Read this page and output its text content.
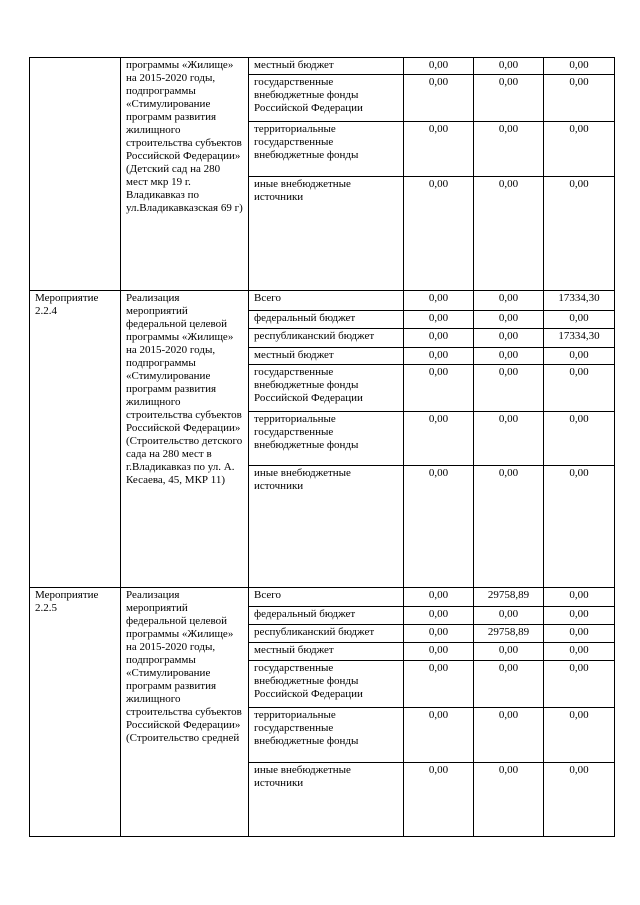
	программы «Жилище» на 2015-2020 годы, подпрограммы «Стимулирование программ развития жилищного строительства субъектов Российской Федерации» (Детский сад на 280 мест мкр 19 г. Владикавказ по ул.Владикавказская 69 г)	местный бюджет	0,00	0,00	0,00
		государственные внебюджетные фонды Российской Федерации	0,00	0,00	0,00
		территориальные государственные внебюджетные фонды	0,00	0,00	0,00
		иные внебюджетные источники	0,00	0,00	0,00
Мероприятие 2.2.4	Реализация мероприятий федеральной целевой программы «Жилище» на 2015-2020 годы, подпрограммы «Стимулирование программ развития жилищного строительства субъектов Российской Федерации» (Строительство детского сада на 280 мест в г.Владикавказ по ул. А. Кесаева, 45, МКР 11)	Всего	0,00	0,00	17334,30
		федеральный бюджет	0,00	0,00	0,00
		республиканский бюджет	0,00	0,00	17334,30
		местный бюджет	0,00	0,00	0,00
		государственные внебюджетные фонды Российской Федерации	0,00	0,00	0,00
		территориальные государственные внебюджетные фонды	0,00	0,00	0,00
		иные внебюджетные источники	0,00	0,00	0,00
Мероприятие 2.2.5	Реализация мероприятий федеральной целевой программы «Жилище» на 2015-2020 годы, подпрограммы «Стимулирование программ развития жилищного строительства субъектов Российской Федерации» (Строительство средней	Всего	0,00	29758,89	0,00
		федеральный бюджет	0,00	0,00	0,00
		республиканский бюджет	0,00	29758,89	0,00
		местный бюджет	0,00	0,00	0,00
		государственные внебюджетные фонды Российской Федерации	0,00	0,00	0,00
		территориальные государственные внебюджетные фонды	0,00	0,00	0,00
		иные внебюджетные источники	0,00	0,00	0,00
